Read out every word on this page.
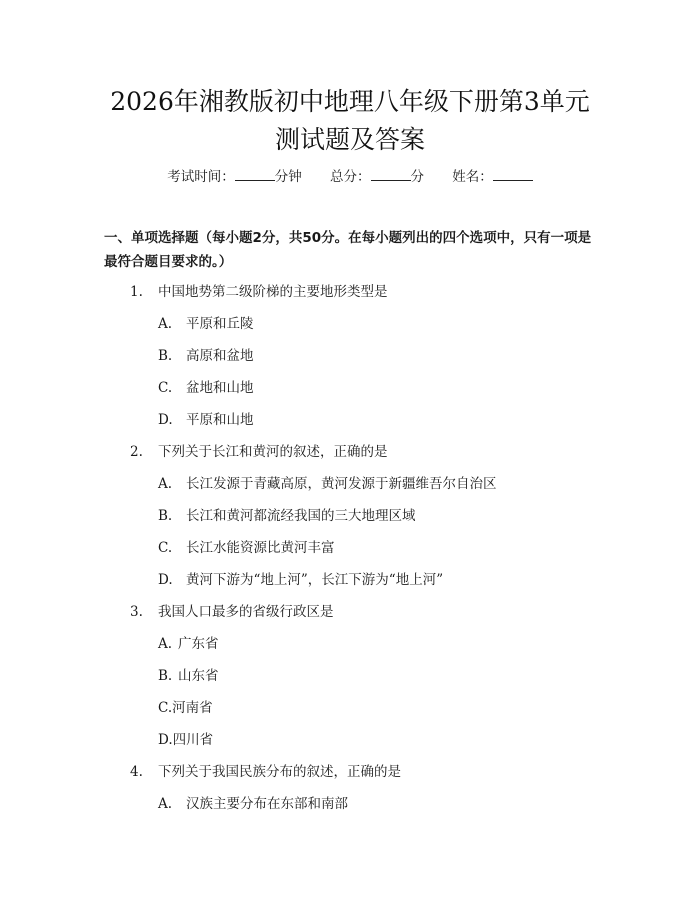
2026年湘教版初中地理八年级下册第3单元
测试题及答案
考试时间：	分钟 总分：	分 姓名：
一、单项选择题（每小题2分，共50分。在每小题列出的四个选项中，只有一项是最符合题目要求的。）
1. 中国地势第二级阶梯的主要地形类型是
A. 平原和丘陵
B. 高原和盆地
C. 盆地和山地
D. 平原和山地
2. 下列关于长江和黄河的叙述，正确的是
A. 长江发源于青藏高原，黄河发源于新疆维吾尔自治区
B. 长江和黄河都流经我国的三大地理区域
C. 长江水能资源比黄河丰富
D. 黄河下游为“地上河”，长江下游为“地上河”
3. 我国人口最多的省级行政区是
A. 广东省
B. 山东省
C.河南省
D.四川省
4. 下列关于我国民族分布的叙述，正确的是
A. 汉族主要分布在东部和南部
